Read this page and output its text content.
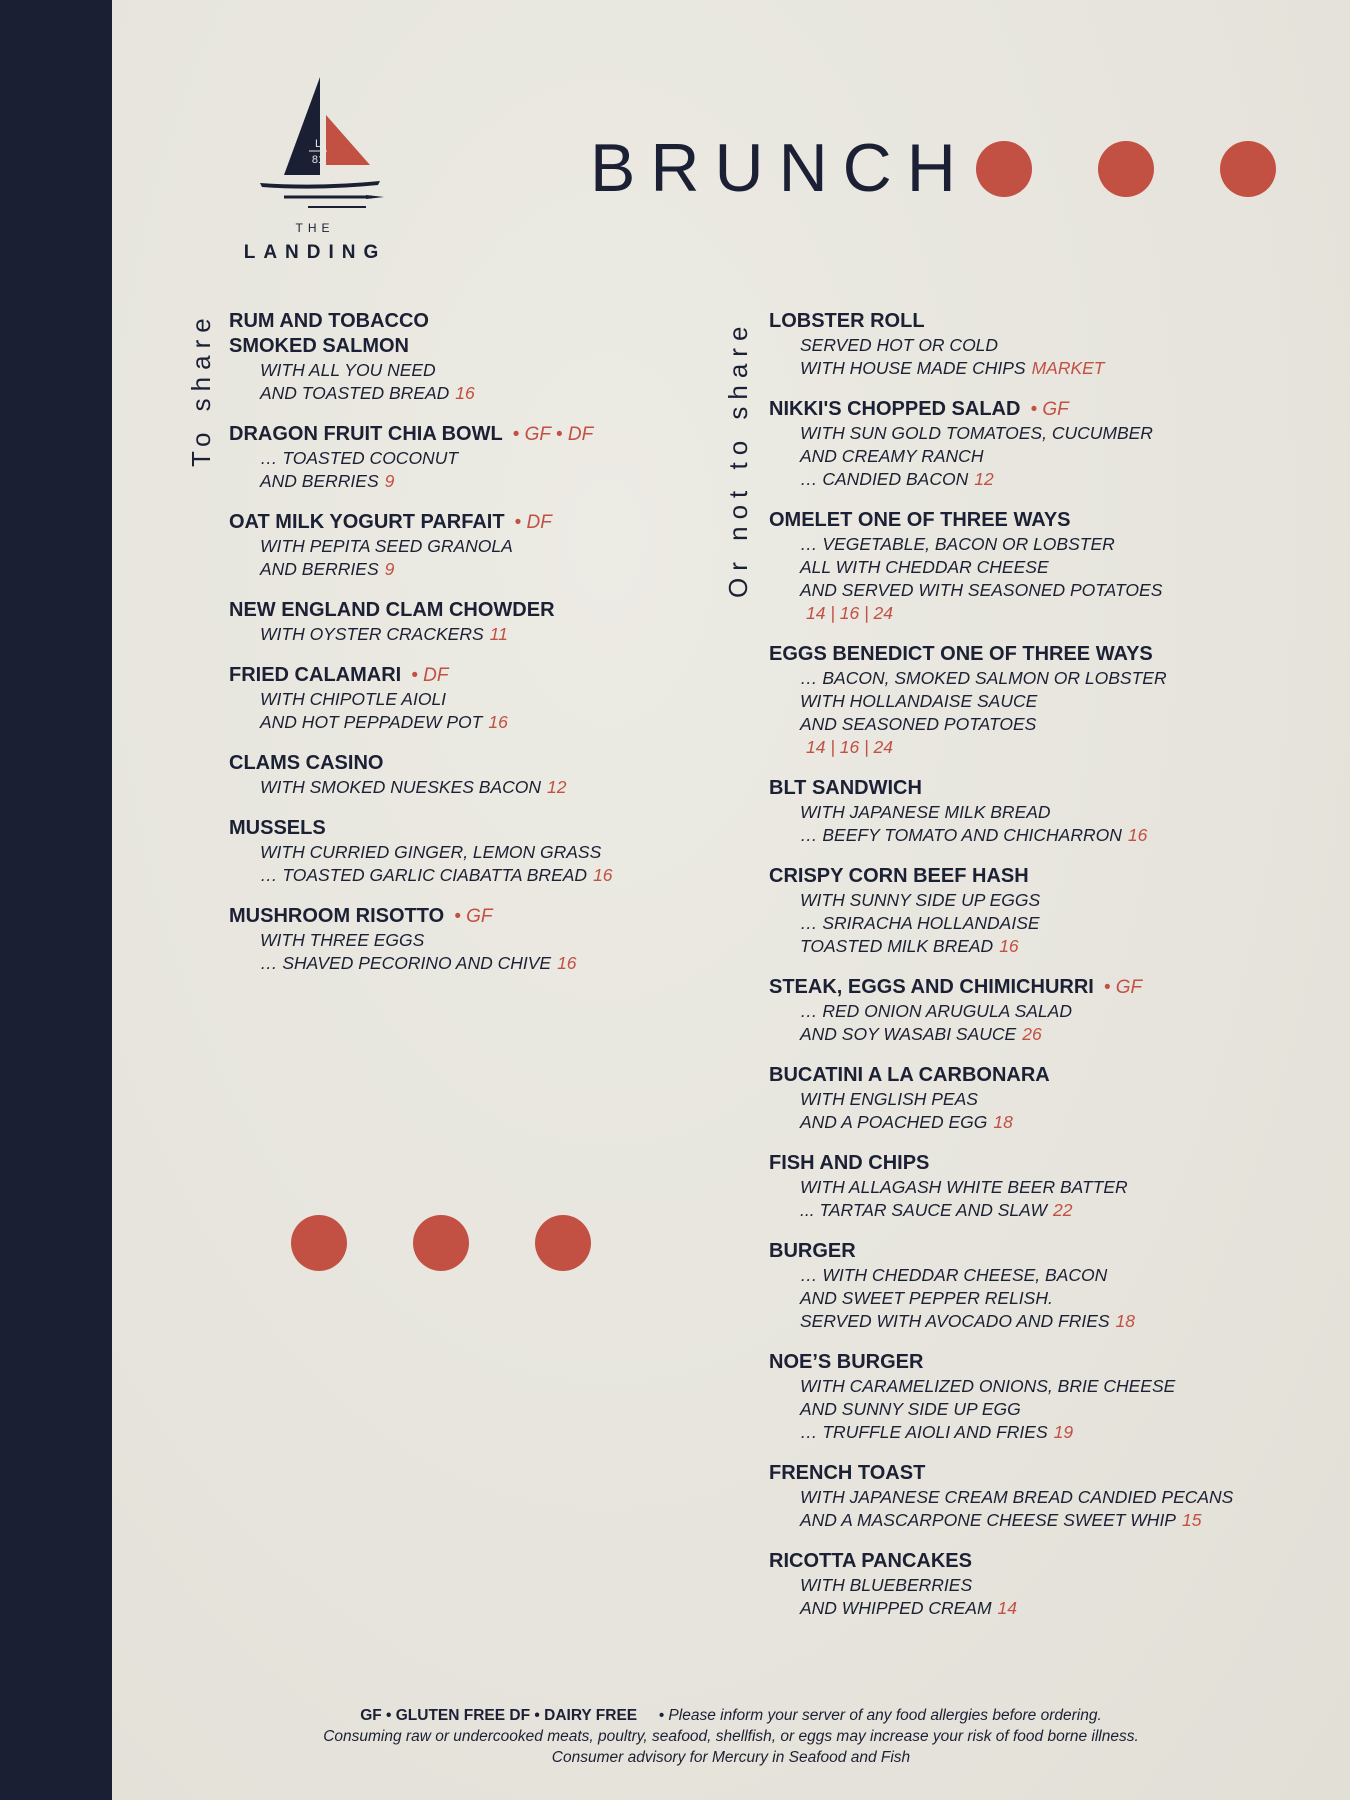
L
81
THE
LANDING
BRUNCH
To share	Or not to share
RUM AND TOBACCO
SMOKED SALMON
WITH ALL YOU NEED
AND TOASTED BREAD 16
DRAGON FRUIT CHIA BOWL • GF • DF
… TOASTED COCONUT
AND BERRIES 9
OAT MILK YOGURT PARFAIT • DF
WITH PEPITA SEED GRANOLA
AND BERRIES 9
NEW ENGLAND CLAM CHOWDER
WITH OYSTER CRACKERS 11
FRIED CALAMARI • DF
WITH CHIPOTLE AIOLI
AND HOT PEPPADEW POT 16
CLAMS CASINO
WITH SMOKED NUESKES BACON 12
MUSSELS
WITH CURRIED GINGER, LEMON GRASS
… TOASTED GARLIC CIABATTA BREAD 16
MUSHROOM RISOTTO • GF
WITH THREE EGGS
… SHAVED PECORINO AND CHIVE 16
LOBSTER ROLL
SERVED HOT OR COLD
WITH HOUSE MADE CHIPS MARKET
NIKKI'S CHOPPED SALAD • GF
WITH SUN GOLD TOMATOES, CUCUMBER
AND CREAMY RANCH
… CANDIED BACON 12
OMELET ONE OF THREE WAYS
… VEGETABLE, BACON OR LOBSTER
ALL WITH CHEDDAR CHEESE
AND SERVED WITH SEASONED POTATOES
14 | 16 | 24
EGGS BENEDICT ONE OF THREE WAYS
… BACON, SMOKED SALMON OR LOBSTER
WITH HOLLANDAISE SAUCE
AND SEASONED POTATOES
14 | 16 | 24
BLT SANDWICH
WITH JAPANESE MILK BREAD
… BEEFY TOMATO AND CHICHARRON 16
CRISPY CORN BEEF HASH
WITH SUNNY SIDE UP EGGS
… SRIRACHA HOLLANDAISE
TOASTED MILK BREAD 16
STEAK, EGGS AND CHIMICHURRI • GF
… RED ONION ARUGULA SALAD
AND SOY WASABI SAUCE 26
BUCATINI A LA CARBONARA
WITH ENGLISH PEAS
AND A POACHED EGG 18
FISH AND CHIPS
WITH ALLAGASH WHITE BEER BATTER
... TARTAR SAUCE AND SLAW 22
BURGER
… WITH CHEDDAR CHEESE, BACON
AND SWEET PEPPER RELISH.
SERVED WITH AVOCADO AND FRIES 18
NOE’S BURGER
WITH CARAMELIZED ONIONS, BRIE CHEESE
AND SUNNY SIDE UP EGG
… TRUFFLE AIOLI AND FRIES 19
FRENCH TOAST
WITH JAPANESE CREAM BREAD CANDIED PECANS
AND A MASCARPONE CHEESE SWEET WHIP 15
RICOTTA PANCAKES
WITH BLUEBERRIES
AND WHIPPED CREAM 14
GF • GLUTEN FREE DF • DAIRY FREE • Please inform your server of any food allergies before ordering.
Consuming raw or undercooked meats, poultry, seafood, shellfish, or eggs may increase your risk of food borne illness.
Consumer advisory for Mercury in Seafood and Fish
